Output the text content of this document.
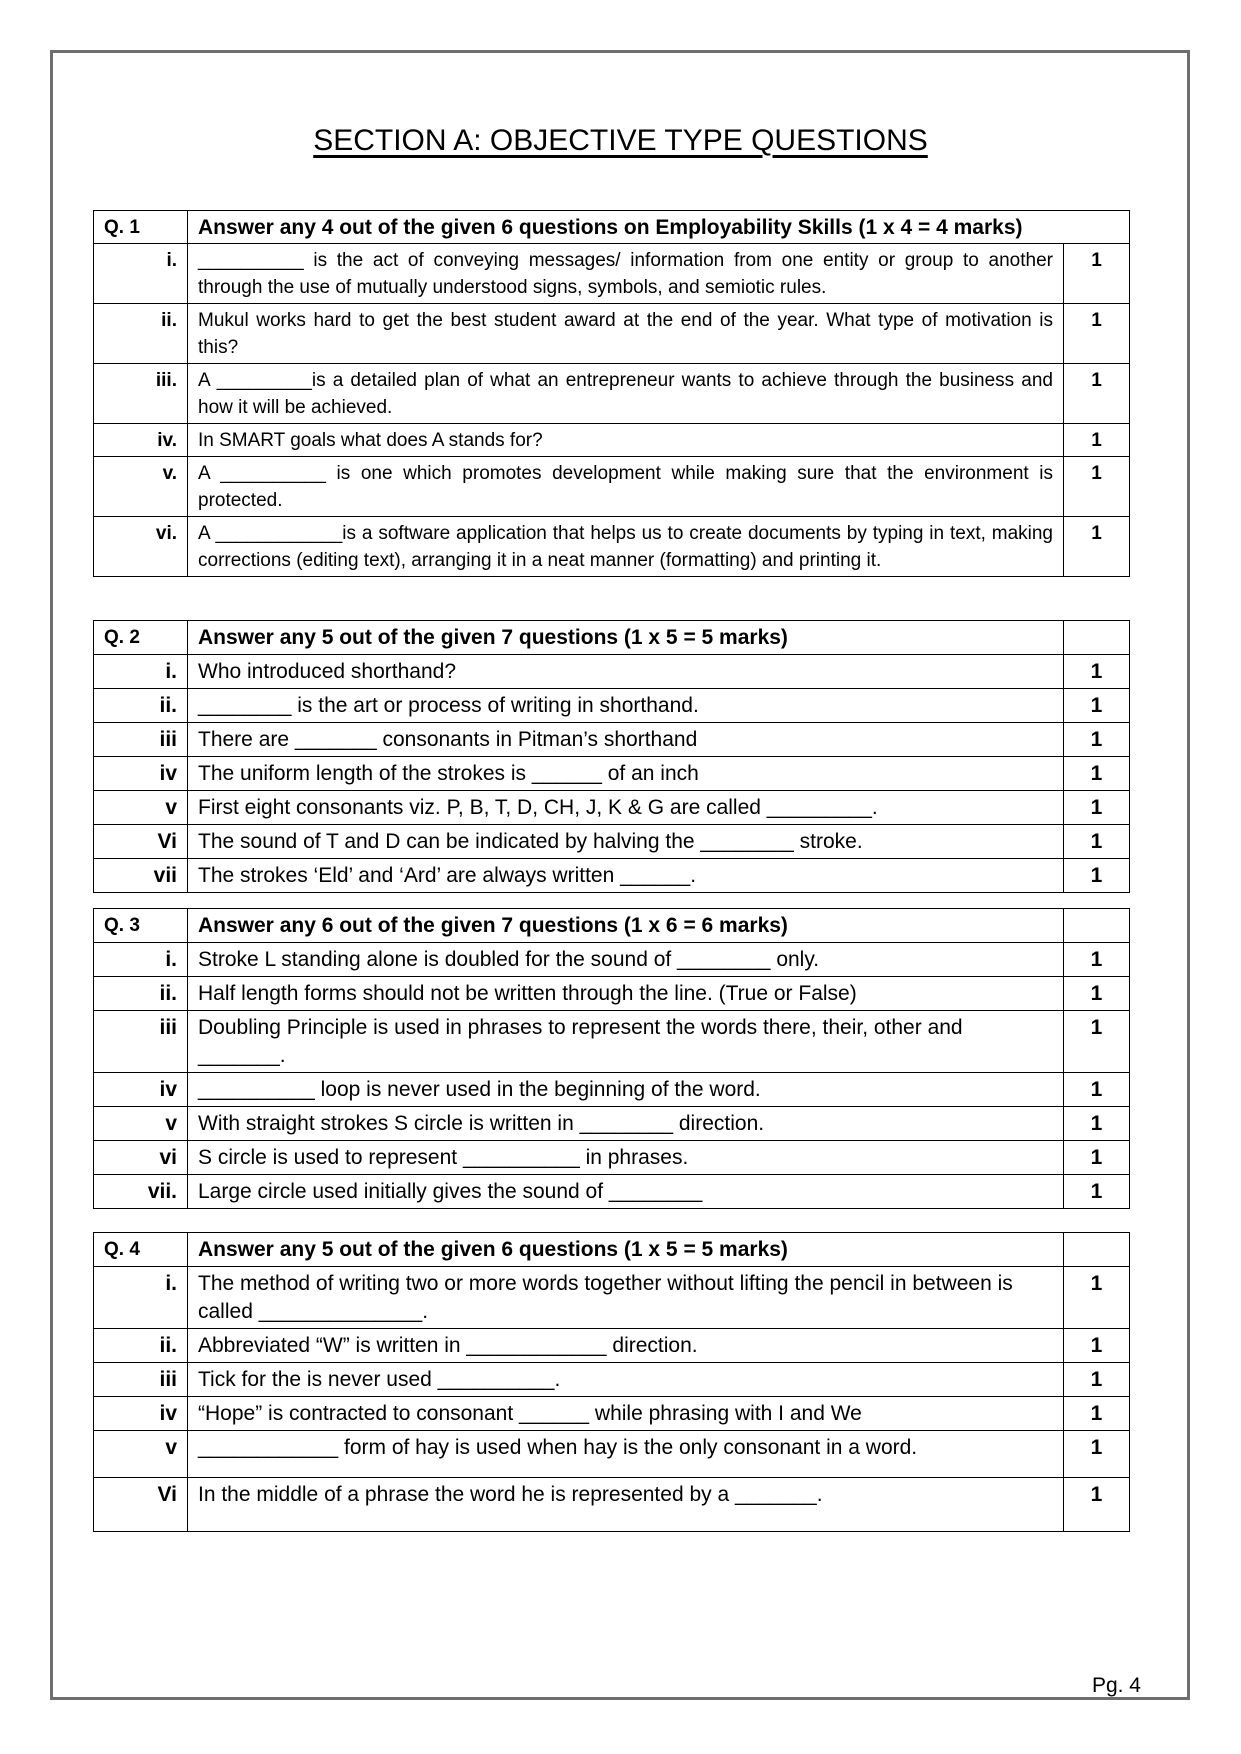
SECTION A: OBJECTIVE TYPE QUESTIONS
Q. 1	Answer any 4 out of the given 6 questions on Employability Skills (1 x 4 = 4 marks)	
i.	__________ is the act of conveying messages/ information from one entity or group to another through the use of mutually understood signs, symbols, and semiotic rules.	1
ii.	Mukul works hard to get the best student award at the end of the year. What type of motivation is this?	1
iii.	A _________is a detailed plan of what an entrepreneur wants to achieve through the business and how it will be achieved.	1
iv.	In SMART goals what does A stands for?	1
v.	A __________ is one which promotes development while making sure that the environment is protected.	1
vi.	A ____________is a software application that helps us to create documents by typing in text, making corrections (editing text), arranging it in a neat manner (formatting) and printing it.	1
Q. 2	Answer any 5 out of the given 7 questions (1 x 5 = 5 marks)	
i.	Who introduced shorthand?	1
ii.	________ is the art or process of writing in shorthand.	1
iii	There are _______ consonants in Pitman’s shorthand	1
iv	The uniform length of the strokes is ______ of an inch	1
v	First eight consonants viz. P, B, T, D, CH, J, K & G are called _________.	1
Vi	The sound of T and D can be indicated by halving the ________ stroke.	1
vii	The strokes ‘Eld’ and ‘Ard’ are always written ______.	1
Q. 3	Answer any 6 out of the given 7 questions (1 x 6 = 6 marks)	
i.	Stroke L standing alone is doubled for the sound of ________ only.	1
ii.	Half length forms should not be written through the line. (True or False)	1
iii	Doubling Principle is used in phrases to represent the words there, their, other and _______.	1
iv	__________ loop is never used in the beginning of the word.	1
v	With straight strokes S circle is written in ________ direction.	1
vi	S circle is used to represent __________ in phrases.	1
vii.	Large circle used initially gives the sound of ________	1
Q. 4	Answer any 5 out of the given 6 questions (1 x 5 = 5 marks)	
i.	The method of writing two or more words together without lifting the pencil in between is called ______________.	1
ii.	Abbreviated “W” is written in ____________ direction.	1
iii	Tick for the is never used __________.	1
iv	“Hope” is contracted to consonant ______ while phrasing with I and We	1
v	____________ form of hay is used when hay is the only consonant in a word.	1
Vi	In the middle of a phrase the word he is represented by a _______.	1
Pg. 4
